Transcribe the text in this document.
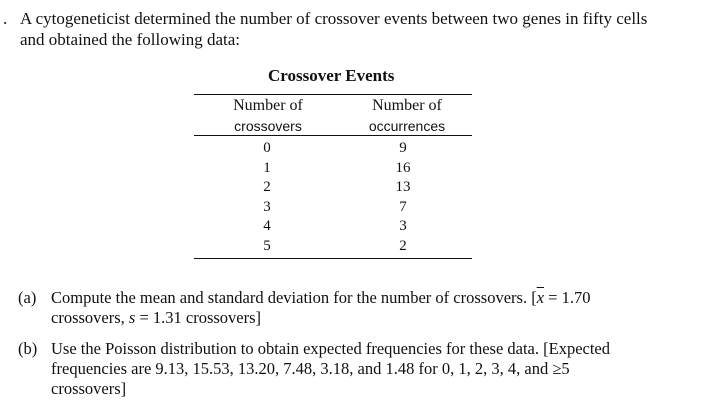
. A cytogeneticist determined the number of crossover events between two genes in fifty cells
and obtained the following data:
Crossover Events
Number of
crossovers
Number of
occurrences
0
1
2
3
4
5
9
16
13
7
3
2
(a) Compute the mean and standard deviation for the number of crossovers. [$\overline{x} = 1.70$
crossovers, s = 1.31 crossovers]
(b) Use the Poisson distribution to obtain expected frequencies for these data. [Expected
frequencies are 9.13, 15.53, 13.20, 7.48, 3.18, and 1.48 for 0, 1, 2, 3, 4, and ≥5
crossovers]
